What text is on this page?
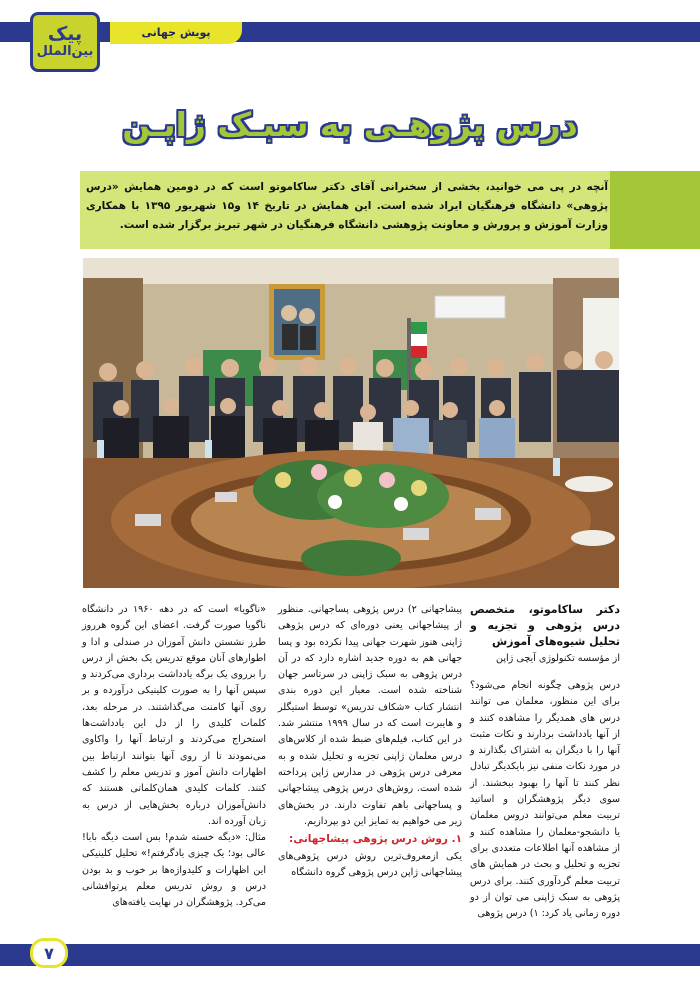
پویش جهانی
پیک
بین‌الملل
درس پژوهـی به سبـک ژاپـن

آنچه در پی می خوانید، بخشی از سخنرانی آقای دکتر ساکاموتو است که در دومین همایش «درس پژوهی» دانشگاه فرهنگیان ایراد شده است. این همایش در تاریخ ۱۴ و۱۵ شهریور ۱۳۹۵ با همکاری وزارت آموزش و پرورش و معاونت پژوهشی دانشگاه فرهنگیان در شهر تبریز برگزار شده است.

دکتر ساکاموتو، متخصص درس پژوهی و تجزیه و تحلیل شیوه‌های آموزش

از مؤسسه تکنولوژی آیچی ژاپن

درس پژوهی چگونه انجام می‌شود؟ برای این منظور، معلمان می توانند درس های همدیگر را مشاهده کنند و از آنها یادداشت بردارند و نکات مثبت آنها را با دیگران به اشتراک بگذارند و در مورد نکات منفی نیز بایکدیگر تبادل نظر کنند تا آنها را بهبود ببخشند. از سوی دیگر پژوهشگران و اساتید تربیت معلم می‌توانند دروس معلمان یا دانشجو-معلمان را مشاهده کنند و از مشاهده آنها اطلاعات متعددی برای تجزیه و تحلیل و بحث در همایش های تربیت معلم گردآوری کنند. برای درس پژوهی به سبک ژاپنی می توان از دو دوره زمانی یاد کرد: ۱) درس پژوهی

پیشاجهانی ۲) درس پژوهی پساجهانی. منظور از پیشاجهانی یعنی دوره‌ای که درس پژوهی ژاپنی هنوز شهرت جهانی پیدا نکرده بود و پسا جهانی هم به دوره جدید اشاره دارد که در آن درس پژوهی به سبک ژاپنی در سرتاسر جهان شناخته شده است. معیار این دوره بندی انتشار کتاب «شکاف تدریس» توسط استیگلر و هایبرت است که در سال ۱۹۹۹ منتشر شد. در این کتاب، فیلم‌های ضبط شده از کلاس‌های درس معلمان ژاپنی تجزیه و تحلیل شده و به معرفی درس پژوهی در مدارس ژاپن پرداخته شده است. روش‌های درس پژوهی پیشاجهانی و پساجهانی باهم تفاوت دارند. در بخش‌های زیر می خواهیم به تمایز این دو بپردازیم.

۱. روش درس پژوهی پیشاجهانی:

یکی ازمعروف‌ترین روش درس پژوهی‌های پیشاجهانی ژاپن درس پژوهی گروه دانشگاه

«ناگویا» است که در دهه ۱۹۶۰ در دانشگاه ناگویا صورت گرفت. اعضای این گروه هرروز طرز نشستن دانش آموزان در صندلی و ادا و اطوارهای آنان موقع تدریس یک بخش از درس را برروی یک برگه یادداشت برداری می‌کردند و سپس آنها را به صورت کلینیکی درآورده و بر روی آنها کامنت می‌گذاشتند. در مرحله بعد، کلمات کلیدی را از دل این یادداشت‌ها استخراج می‌کردند و ارتباط آنها را واکاوی می‌نمودند تا از روی آنها بتوانند ارتباط بین اظهارات دانش آموز و تدریس معلم را کشف کنند. کلمات کلیدی همان‌کلماتی هستند که دانش‌آموزان درباره بخش‌هایی از درس به زبان آورده اند.

مثال: «دیگه خسته شدم! بس است دیگه بابا! عالی بود؛ یک چیزی یادگرفتم!» تحلیل کلینیکی این اظهارات و کلیدواژه‌ها بر خوب و بد بودن درس و روش تدریس معلم پرتوافشانی می‌کرد. پژوهشگران در نهایت یافته‌های

۷
